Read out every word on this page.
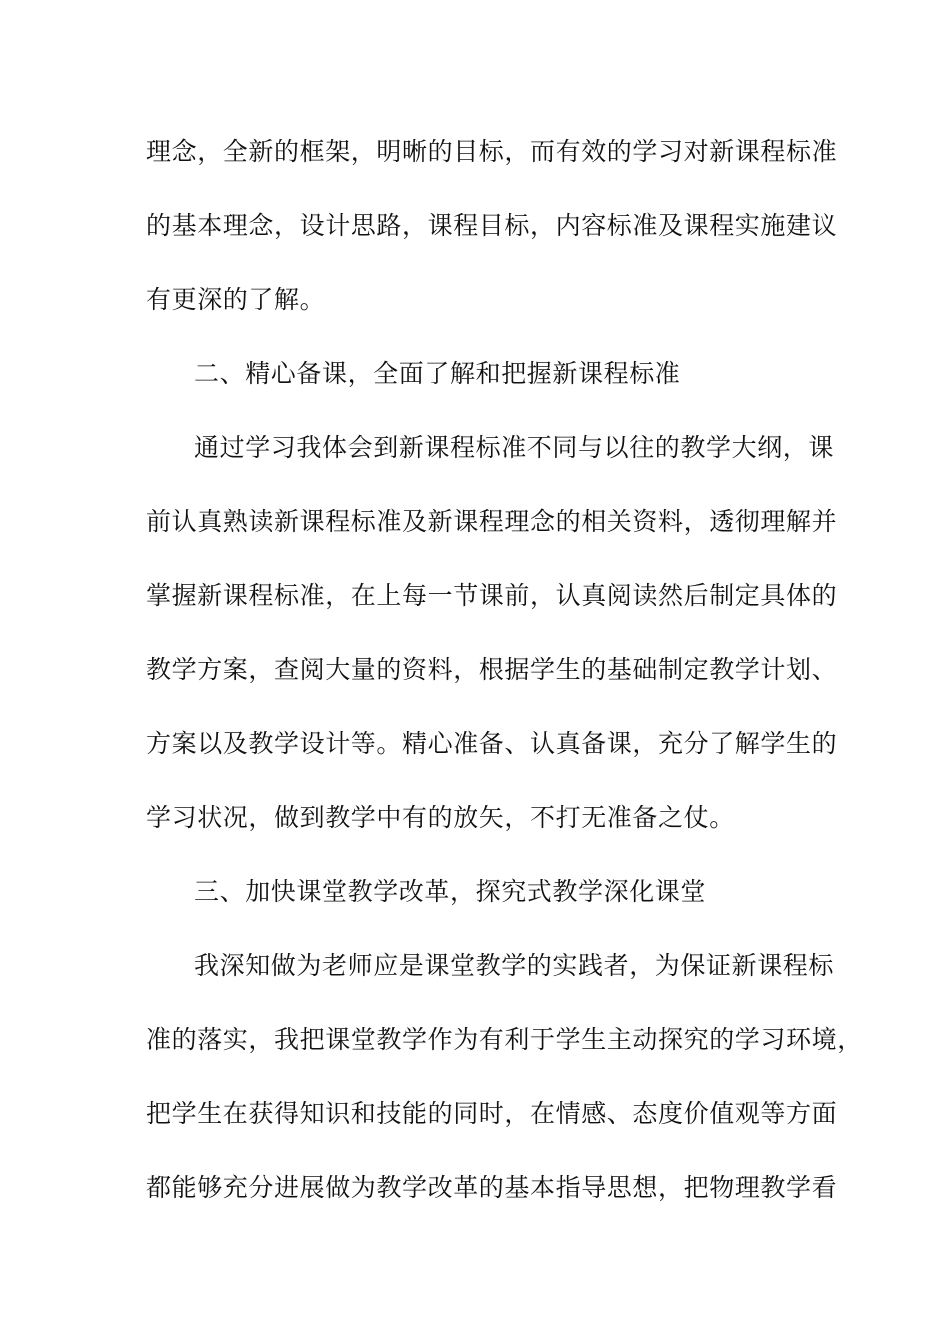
理念，全新的框架，明晰的目标，而有效的学习对新课程标准
的基本理念，设计思路，课程目标，内容标准及课程实施建议
有更深的了解。
二、精心备课，全面了解和把握新课程标准
通过学习我体会到新课程标准不同与以往的教学大纲，课
前认真熟读新课程标准及新课程理念的相关资料，透彻理解并
掌握新课程标准，在上每一节课前，认真阅读然后制定具体的
教学方案，查阅大量的资料，根据学生的基础制定教学计划、
方案以及教学设计等。精心准备、认真备课，充分了解学生的
学习状况，做到教学中有的放矢，不打无准备之仗。
三、加快课堂教学改革，探究式教学深化课堂
我深知做为老师应是课堂教学的实践者，为保证新课程标
准的落实，我把课堂教学作为有利于学生主动探究的学习环境，
把学生在获得知识和技能的同时，在情感、态度价值观等方面
都能够充分进展做为教学改革的基本指导思想，把物理教学看
